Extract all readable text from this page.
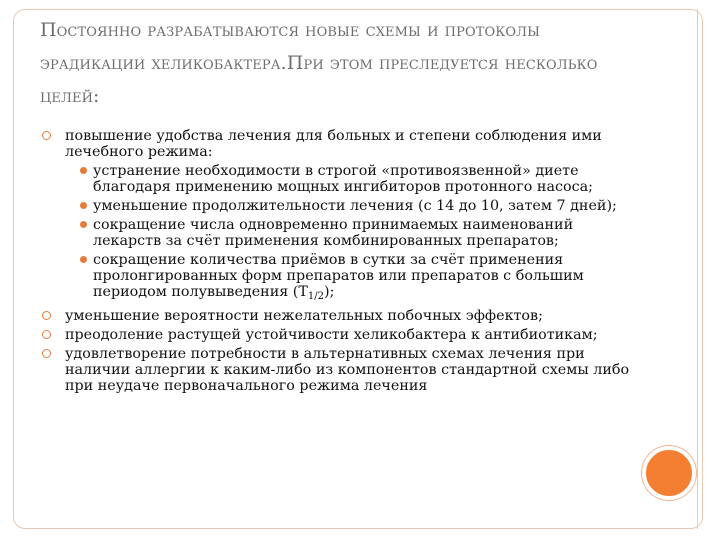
Постоянно разрабатываются новые схемы и протоколы эрадикации хеликобактера.При этом преследуется несколько целей:
повышение удобства лечения для больных и степени соблюдения ими лечебного режима:
устранение необходимости в строгой «противоязвенной» диете благодаря применению мощных ингибиторов протонного насоса;
уменьшение продолжительности лечения (с 14 до 10, затем 7 дней);
сокращение числа одновременно принимаемых наименований лекарств за счёт применения комбинированных препаратов;
сокращение количества приёмов в сутки за счёт применения пролонгированных форм препаратов или препаратов с большим периодом полувыведения $(Т_{1/2})$;
уменьшение вероятности нежелательных побочных эффектов;
преодоление растущей устойчивости хеликобактера к антибиотикам;
удовлетворение потребности в альтернативных схемах лечения при наличии аллергии к каким-либо из компонентов стандартной схемы либо при неудаче первоначального режима лечения
